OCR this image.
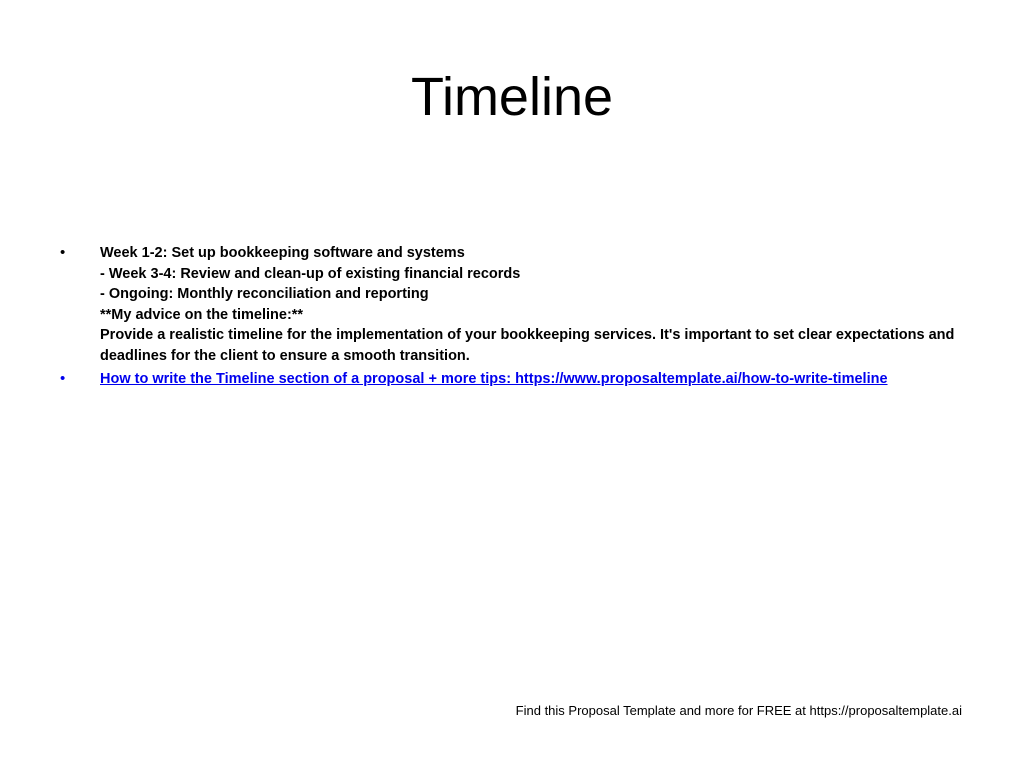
Timeline
• Week 1-2: Set up bookkeeping software and systems
- Week 3-4: Review and clean-up of existing financial records
- Ongoing: Monthly reconciliation and reporting
**My advice on the timeline:**
Provide a realistic timeline for the implementation of your bookkeeping services. It's important to set clear expectations and deadlines for the client to ensure a smooth transition.
• How to write the Timeline section of a proposal + more tips: https://www.proposaltemplate.ai/how-to-write-timeline
Find this Proposal Template and more for FREE at https://proposaltemplate.ai
